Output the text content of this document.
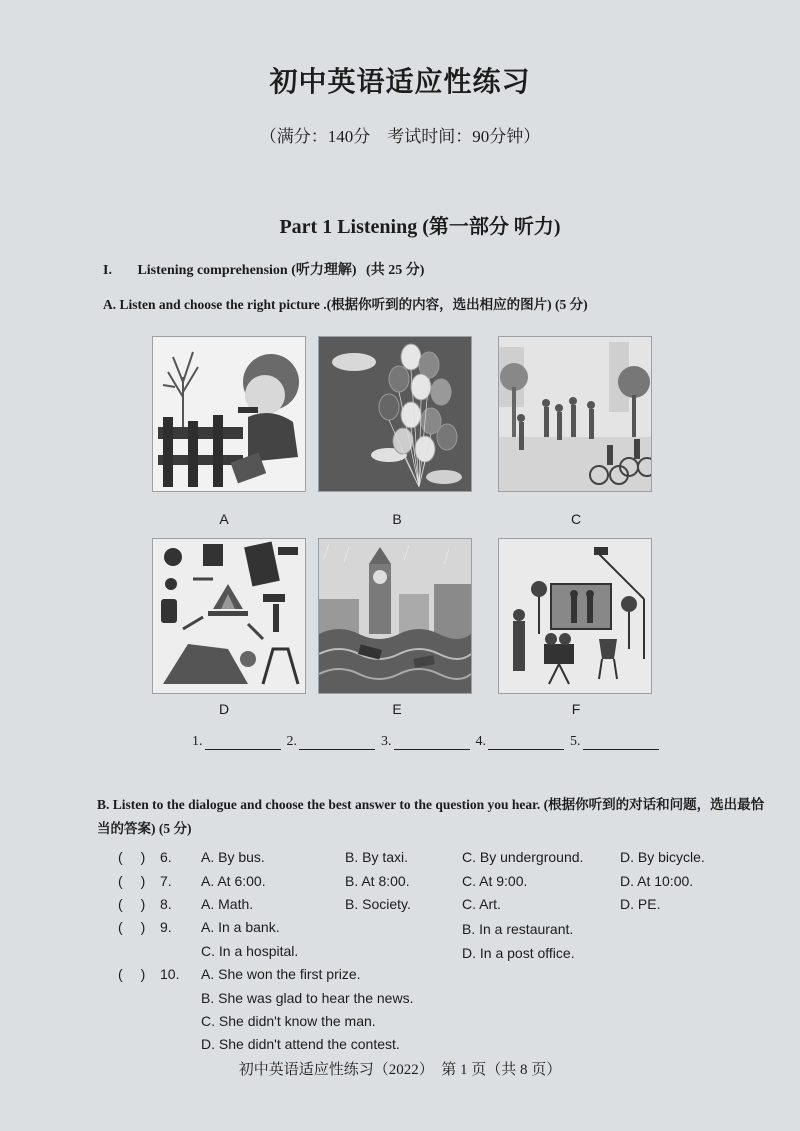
初中英语适应性练习
（满分：140分　考试时间：90分钟）
Part 1 Listening (第一部分 听力)
I. Listening comprehension (听力理解) (共 25 分)
A. Listen and choose the right picture .(根据你听到的内容，选出相应的图片) (5 分)
A	B	C
D	E	F
1.	2.	3.	4.	5.
B. Listen to the dialogue and choose the best answer to the question you hear. (根据你听到的对话和问题，选出最恰当的答案) (5 分)
( ) 6. A. By bus.	B. By taxi.	C. By underground.	D. By bicycle.
( ) 7. A. At 6:00.	B. At 8:00.	C. At 9:00.	D. At 10:00.
( ) 8. A. Math.	B. Society.	C. Art.	D. PE.
( ) 9. A. In a bank.	B. In a restaurant.
C. In a hospital.	D. In a post office.
( ) 10. A. She won the first prize.
B. She was glad to hear the news.
C. She didn't know the man.
D. She didn't attend the contest.
初中英语适应性练习（2022）　第 1 页（共 8 页）
